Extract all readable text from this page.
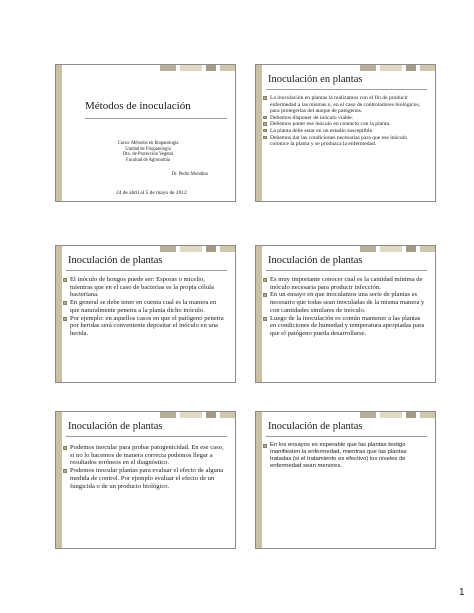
Métodos de inoculación
Curso: Métodos en fitopatología
Unidad de Fitopatología
Dto. de Protección Vegetal
Facultad de Agronomía
Dr. Pedro Mondino
24 de abril al 5 de mayo de 2012
Inoculación en plantas
La inoculación en plantas la realizamos con el fin de producir enfermedad a las mismas o, en el caso de controladores biológicos, para protegerlas del ataque de patógenos.
Debemos disponer de inóculo viable.
Debemos poner ese inóculo en contacto con la planta.
La planta debe estar en un estadio susceptible.
Debemos dar las condiciones necesarias para que ese inóculo colonice la planta y se produzca la enfermedad.
Inoculación de plantas
El inóculo de hongos puede ser: Esporas o micelio, mientras que en el caso de bacterias es la propia célula bacteriana.
En general se debe tener en cuenta cual es la manera en que naturalmente penetra a la planta dicho inóculo.
Por ejemplo: en aquellos casos en que el patógeno penetra por heridas será conveniente depositar el inóculo en una herida.
Inoculación de plantas
Es muy importante conocer cual es la cantidad mínima de inóculo necesaria para producir infección.
En un ensayo en que inoculamos una serie de plantas es necesario que todas sean inoculadas de la misma manera y con cantidades similares de inóculo.
Luego de la inoculación es común mantener a las plantas en condiciones de humedad y temperatura apropiadas para que el patógeno pueda desarrollarse.
Inoculación de plantas
Podemos inocular para probar patogenicidad. En ese caso, si no lo hacemos de manera correcta podemos llegar a resultados erróneos en el diagnóstico.
Podemos inocular plantas para evaluar el efecto de alguna medida de control. Por ejemplo evaluar el efecto de un fungicida o de un producto biológico.
Inoculación de plantas
En los ensayos es esperable que las plantas testigo manifiesten la enfermedad, mientras que las plantas tratadas (si el tratamiento es efectivo) los niveles de enfermedad sean menores.
1
